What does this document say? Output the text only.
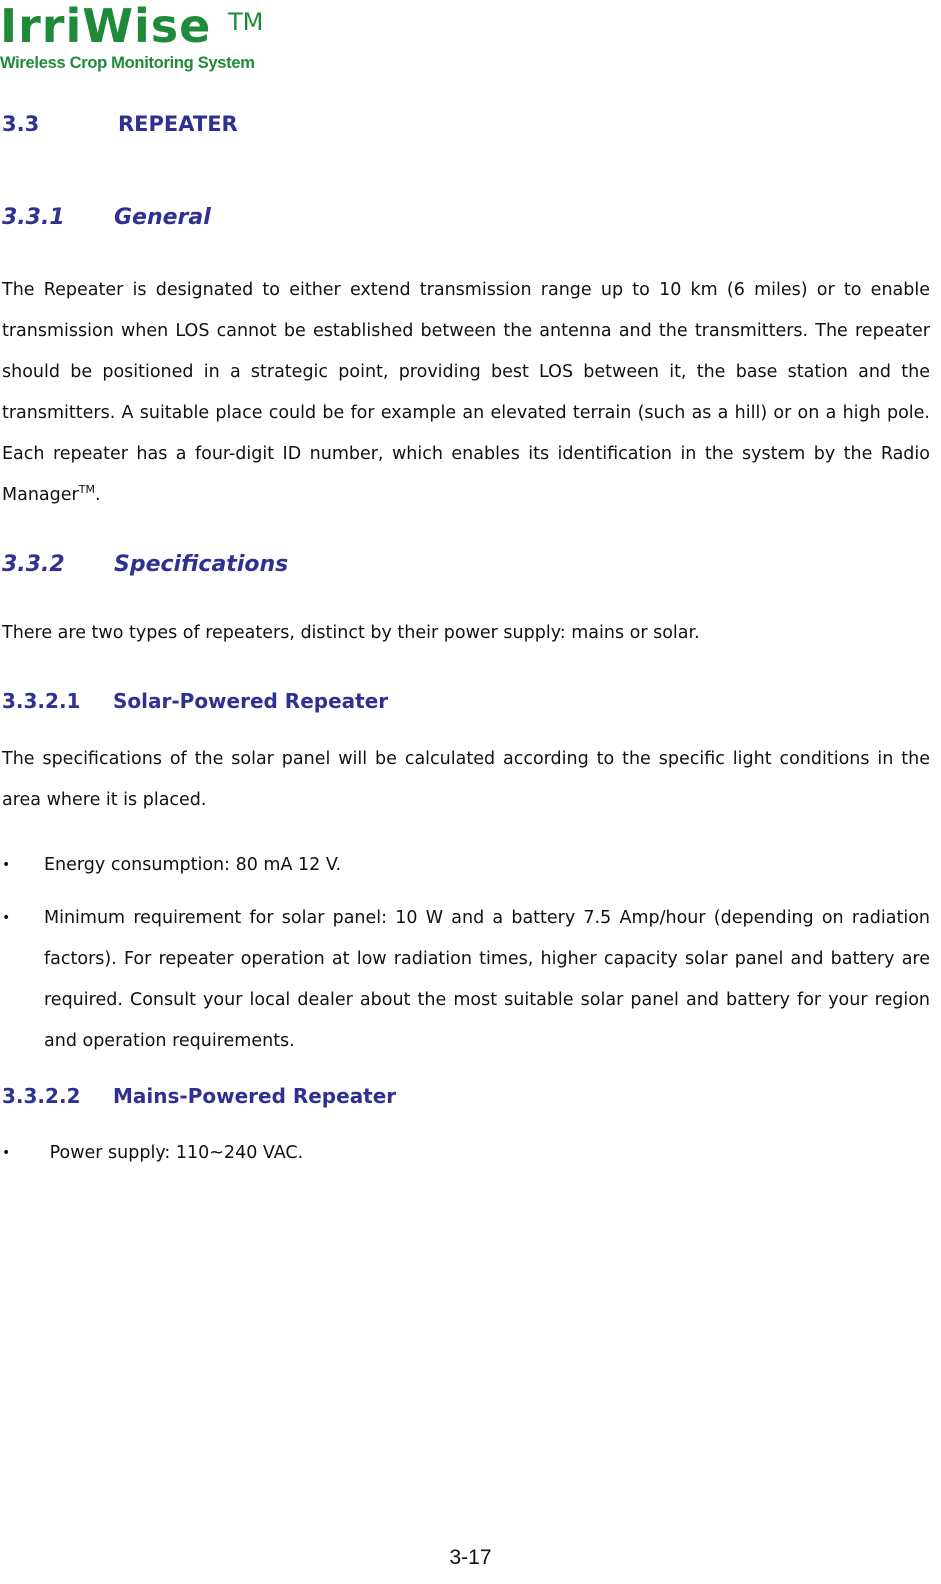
IrriWise TM
Wireless Crop Monitoring System
3.3	REPEATER
3.3.1 General
The Repeater is designated to either extend transmission range up to 10 km (6 miles) or to enable transmission when LOS cannot be established between the antenna and the transmitters. The repeater should be positioned in a strategic point, providing best LOS between it, the base station and the transmitters. A suitable place could be for example an elevated terrain (such as a hill) or on a high pole. Each repeater has a four-digit ID number, which enables its identification in the system by the Radio Manager™.
3.3.2 Specifications
There are two types of repeaters, distinct by their power supply: mains or solar.
3.3.2.1 Solar-Powered Repeater
The specifications of the solar panel will be calculated according to the specific light conditions in the area where it is placed.
• Energy consumption: 80 mA 12 V.
• Minimum requirement for solar panel: 10 W and a battery 7.5 Amp/hour (depending on radiation factors). For repeater operation at low radiation times, higher capacity solar panel and battery are required. Consult your local dealer about the most suitable solar panel and battery for your region and operation requirements.
3.3.2.2 Mains-Powered Repeater
• Power supply: 110~240 VAC.
3-17
